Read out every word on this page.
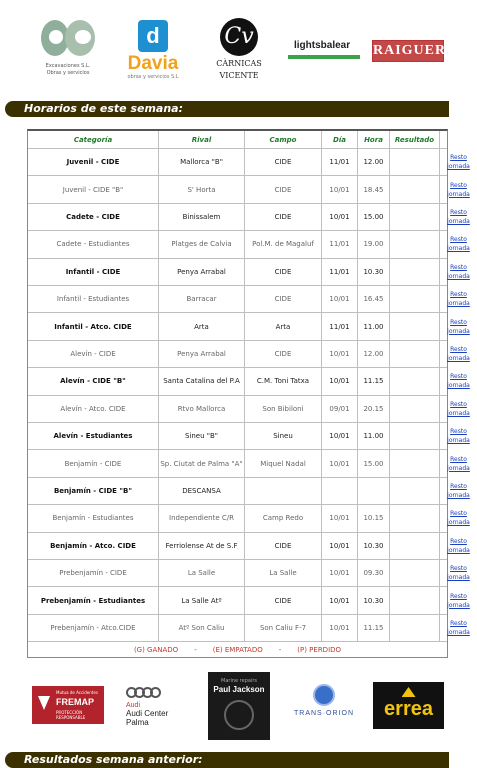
Excavaciones S.L.
Obras y servicios
d
Davia
obras y servicios S.L
Cv
CÀRNICAS
VICENTE
lightsbalear	RAIGUER
Horarios de este semana:
Categoría	Rival	Campo	Día	Hora	Resultado
Juvenil - CIDE	Mallorca "B"	CIDE	11/01	12.00
Resto
jornada
Juvenil - CIDE "B"	S' Horta	CIDE	10/01	18.45
Resto
jornada
Cadete - CIDE	Binissalem	CIDE	10/01	15.00
Resto
jornada
Cadete - Estudiantes	Platges de Calvia	Pol.M. de Magaluf	11/01	19.00
Resto
jornada
Infantil - CIDE	Penya Arrabal	CIDE	11/01	10.30
Resto
jornada
Infantil - Estudiantes	Barracar	CIDE	10/01	16.45
Resto
jornada
Infantil - Atco. CIDE	Arta	Arta	11/01	11.00
Resto
jornada
Alevín - CIDE	Penya Arrabal	CIDE	10/01	12.00
Resto
jornada
Alevín - CIDE "B"	Santa Catalina del P.A	C.M. Toni Tatxa	10/01	11.15
Resto
jornada
Alevín - Atco. CIDE	Rtvo Mallorca	Son Bibiloni	09/01	20.15
Resto
jornada
Alevín - Estudiantes	Sineu "B"	Sineu	10/01	11.00
Resto
jornada
Benjamín - CIDE	Sp. Ciutat de Palma "A"	Miquel Nadal	10/01	15.00
Resto
jornada
Benjamín - CIDE "B"	DESCANSA
Resto
jornada
Benjamín - Estudiantes	Independiente C/R	Camp Redo	10/01	10.15
Resto
jornada
Benjamín - Atco. CIDE	Ferriolense At de S.F	CIDE	10/01	10.30
Resto
jornada
Prebenjamín - CIDE	La Salle	La Salle	10/01	09.30
Resto
jornada
Prebenjamín - Estudiantes	La Salle Atº	CIDE	10/01	10.30
Resto
jornada
Prebenjamín - Atco.CIDE	Atº Son Caliu	Son Caliu F-7	10/01	11.15
Resto
jornada
(G) GANADO - (E) EMPATADO - (P) PERDIDO
Mutua de Accidentes
FREMAP
PROTECCIÓN RESPONSABLE
Audi
Audi Center
Palma
Marine repairs
Paul Jackson
TRANS·ORION	errea
Resultados semana anterior:
